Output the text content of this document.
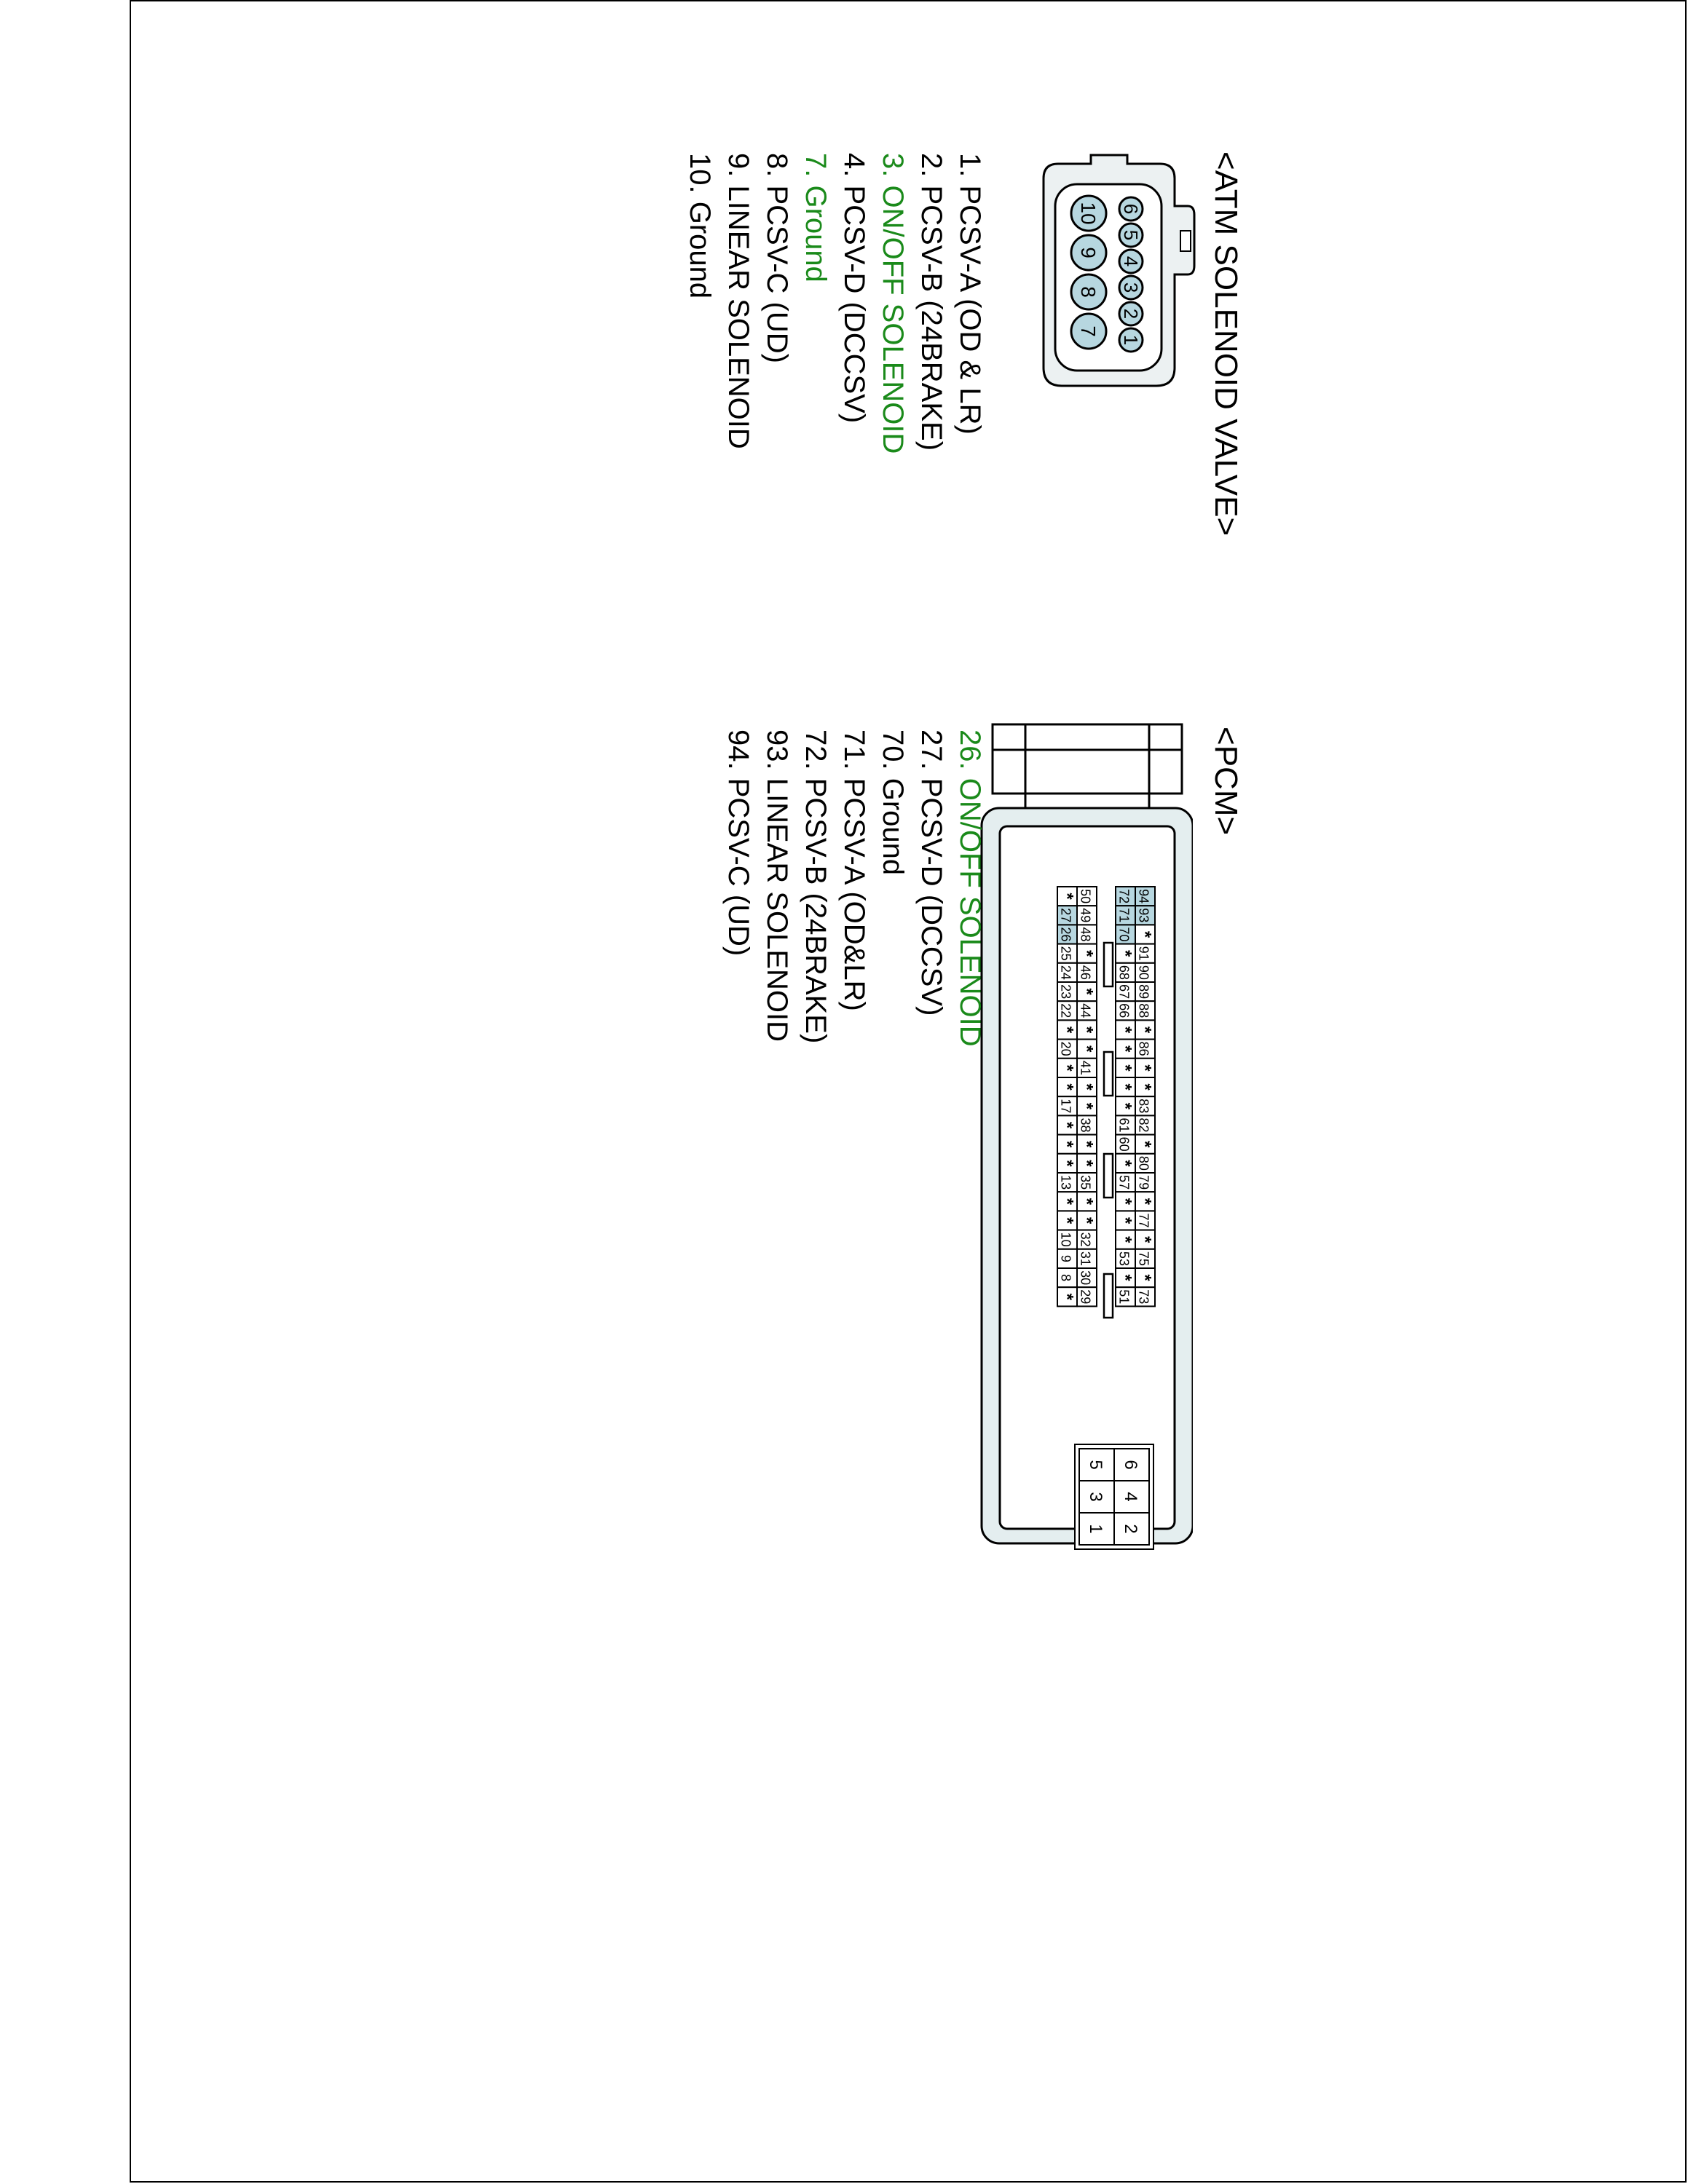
<ATM SOLENOID VALVE>
6
5
4
3
2
1
10
9
8
7
1. PCSV-A (OD & LR)
2. PCSV-B (24BRAKE)
3. ON/OFF SOLENOID
4. PCSV-D (DCCSV)
7. Ground
8. PCSV-C (UD)
9. LINEAR SOLENOID
10. Ground
<PCM>
94
93
*
91
90
89
88
*
86
*
*
83
82
*
80
79
*
77
*
75
*
73
72
71
70
*
68
67
66
*
*
*
*
*
61
60
*
57
*
*
*
53
*
51
50
49
48
*
46
*
44
*
*
41
*
*
38
*
*
35
*
*
32
31
30
29
*
27
26
25
24
23
22
*
20
*
*
17
*
*
*
13
*
*
10
9
8
*
6
5
4
3
2
1
26. ON/OFF SOLENOID
27. PCSV-D (DCCSV)
70. Ground
71. PCSV-A (OD&LR)
72. PCSV-B (24BRAKE)
93. LINEAR SOLENOID
94. PCSV-C (UD)
